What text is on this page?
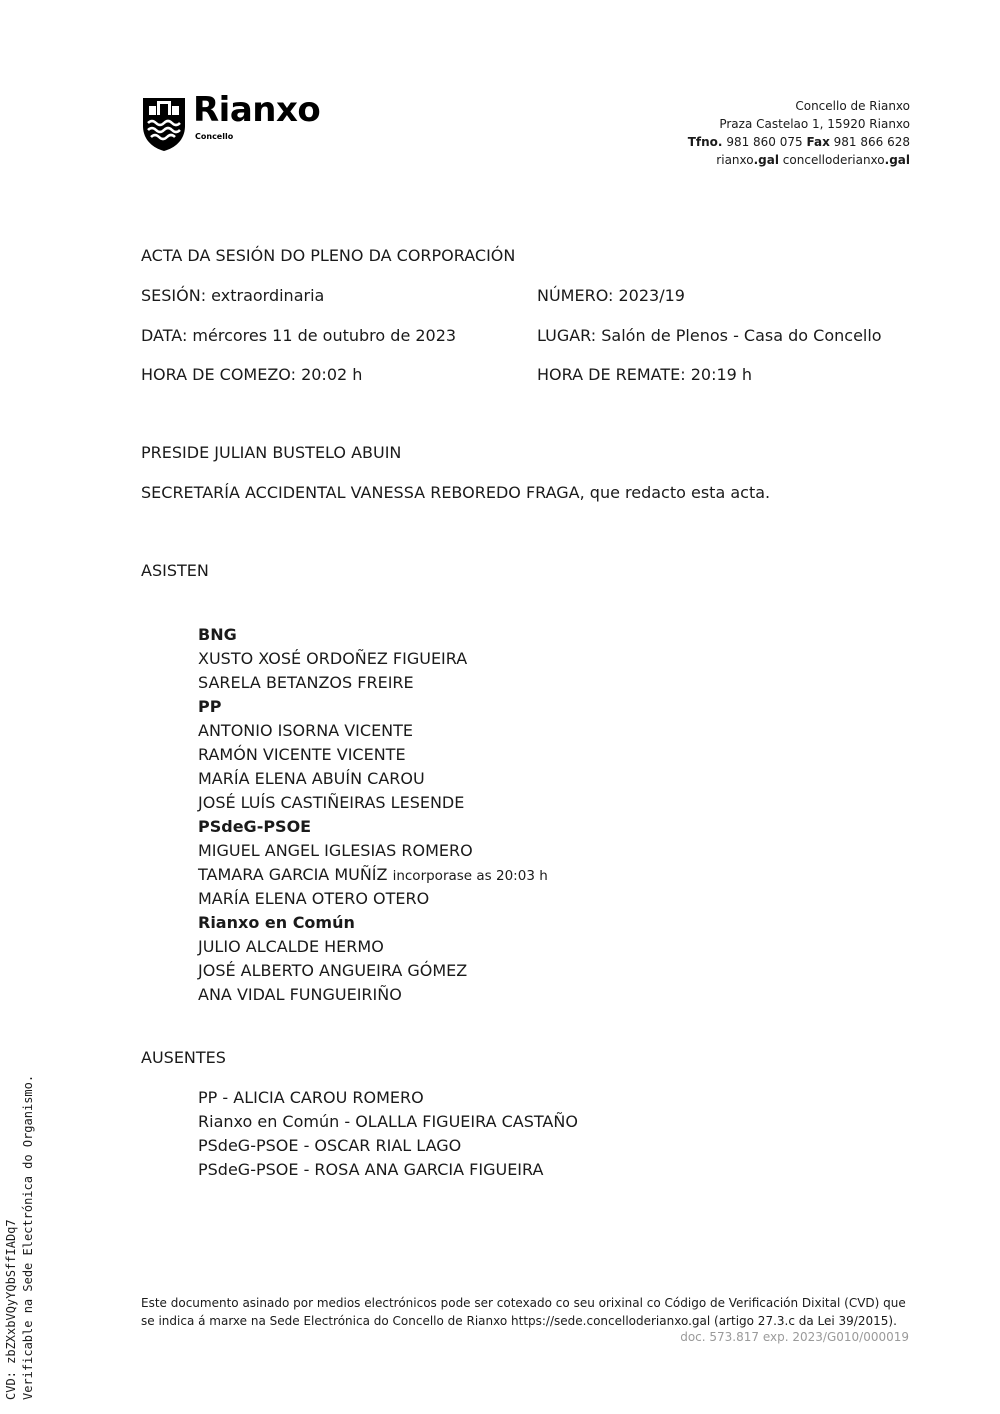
Rianxo
Concello
Concello de Rianxo
Praza Castelao 1, 15920 Rianxo
Tfno. 981 860 075 Fax 981 866 628
rianxo.gal concelloderianxo.gal
ACTA DA SESIÓN DO PLENO DA CORPORACIÓN
SESIÓN: extraordinaria	NÚMERO: 2023/19
DATA: mércores 11 de outubro de 2023	LUGAR: Salón de Plenos - Casa do Concello
HORA DE COMEZO: 20:02 h	HORA DE REMATE: 20:19 h
PRESIDE JULIAN BUSTELO ABUIN
SECRETARÍA ACCIDENTAL VANESSA REBOREDO FRAGA, que redacto esta acta.
ASISTEN
BNG
XUSTO XOSÉ ORDOÑEZ FIGUEIRA
SARELA BETANZOS FREIRE
PP
ANTONIO ISORNA VICENTE
RAMÓN VICENTE VICENTE
MARÍA ELENA ABUÍN CAROU
JOSÉ LUÍS CASTIÑEIRAS LESENDE
PSdeG-PSOE
MIGUEL ANGEL IGLESIAS ROMERO
TAMARA GARCIA MUÑÍZ incorporase as 20:03 h
MARÍA ELENA OTERO OTERO
Rianxo en Común
JULIO ALCALDE HERMO
JOSÉ ALBERTO ANGUEIRA GÓMEZ
ANA VIDAL FUNGUEIRIÑO
AUSENTES
PP - ALICIA CAROU ROMERO
Rianxo en Común - OLALLA FIGUEIRA CASTAÑO
PSdeG-PSOE - OSCAR RIAL LAGO
PSdeG-PSOE - ROSA ANA GARCIA FIGUEIRA
Este documento asinado por medios electrónicos pode ser cotexado co seu orixinal co Código de Verificación Dixital (CVD) que se indica á marxe na Sede Electrónica do Concello de Rianxo https://sede.concelloderianxo.gal (artigo 27.3.c da Lei 39/2015).
doc. 573.817 exp. 2023/G010/000019
CVD: zbZXxbVQyYQbSffIADq7 Verificable na Sede Electrónica do Organismo.
